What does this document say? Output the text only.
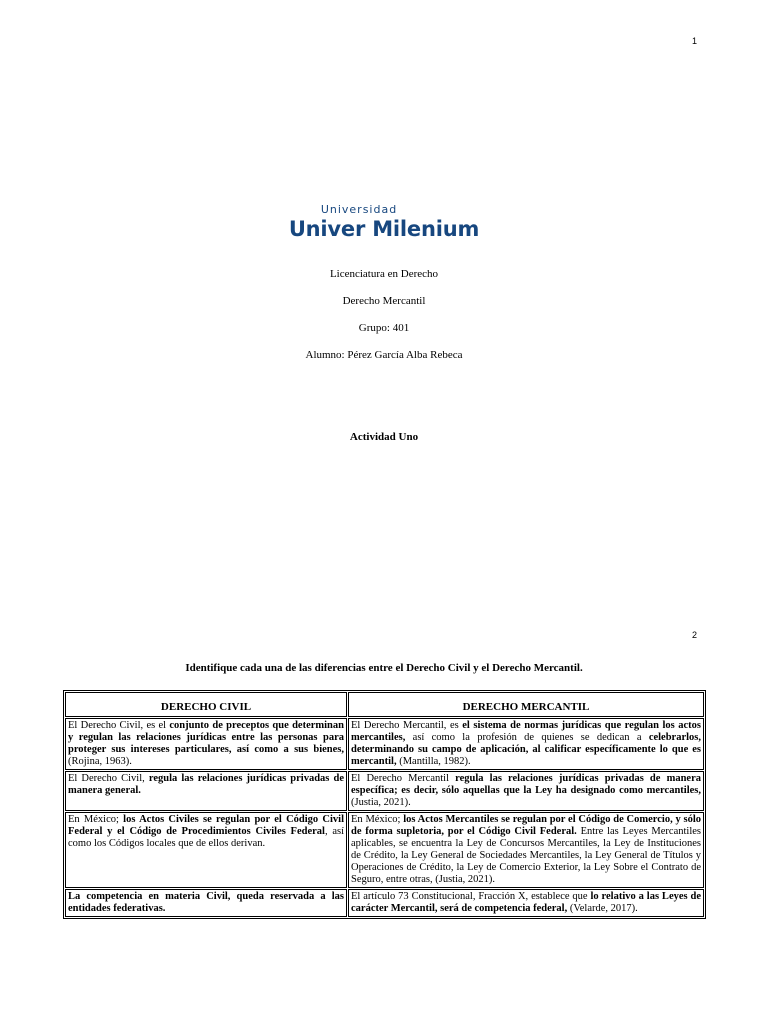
1
Universidad
Univer Milenium
Licenciatura en Derecho
Derecho Mercantil
Grupo: 401
Alumno: Pérez García Alba Rebeca
Actividad Uno
2
Identifique cada una de las diferencias entre el Derecho Civil y el Derecho Mercantil.
DERECHO CIVIL	DERECHO MERCANTIL
El Derecho Civil, es el conjunto de preceptos que determinan y regulan las relaciones jurídicas entre las personas para proteger sus intereses particulares, así como a sus bienes, (Rojina, 1963).	El Derecho Mercantil, es el sistema de normas jurídicas que regulan los actos mercantiles, así como la profesión de quienes se dedican a celebrarlos, determinando su campo de aplicación, al calificar específicamente lo que es mercantil, (Mantilla, 1982).
El Derecho Civil, regula las relaciones jurídicas privadas de manera general.	El Derecho Mercantil regula las relaciones jurídicas privadas de manera específica; es decir, sólo aquellas que la Ley ha designado como mercantiles, (Justia, 2021).
En México; los Actos Civiles se regulan por el Código Civil Federal y el Código de Procedimientos Civiles Federal, así como los Códigos locales que de ellos derivan.	En México; los Actos Mercantiles se regulan por el Código de Comercio, y sólo de forma supletoria, por el Código Civil Federal. Entre las Leyes Mercantiles aplicables, se encuentra la Ley de Concursos Mercantiles, la Ley de Instituciones de Crédito, la Ley General de Sociedades Mercantiles, la Ley General de Títulos y Operaciones de Crédito, la Ley de Comercio Exterior, la Ley Sobre el Contrato de Seguro, entre otras, (Justia, 2021).
La competencia en materia Civil, queda reservada a las entidades federativas.	El artículo 73 Constitucional, Fracción X, establece que lo relativo a las Leyes de carácter Mercantil, será de competencia federal, (Velarde, 2017).
